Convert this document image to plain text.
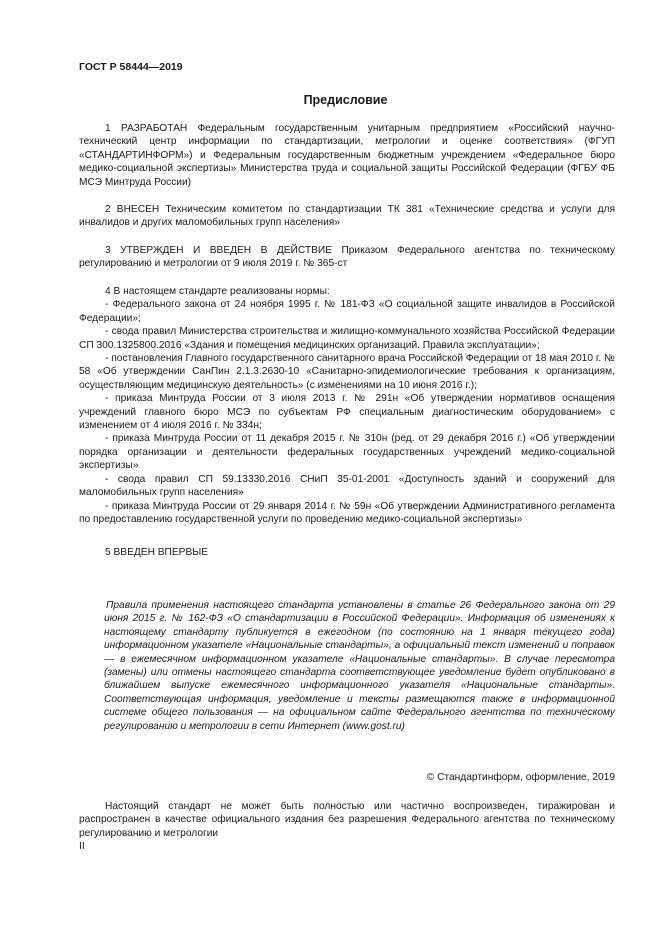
ГОСТ Р 58444—2019
Предисловие

1 РАЗРАБОТАН Федеральным государственным унитарным предприятием «Российский научно-технический центр информации по стандартизации, метрологии и оценке соответствия» (ФГУП «СТАНДАРТИНФОРМ») и Федеральным государственным бюджетным учреждением «Федеральное бюро медико-социальной экспертизы» Министерства труда и социальной защиты Российской Федерации (ФГБУ ФБ МСЭ Минтруда России)

2 ВНЕСЕН Техническим комитетом по стандартизации ТК 381 «Технические средства и услуги для инвалидов и других маломобильных групп населения»

3 УТВЕРЖДЕН И ВВЕДЕН В ДЕЙСТВИЕ Приказом Федерального агентства по техническому регулированию и метрологии от 9 июля 2019 г. № 365-ст

4 В настоящем стандарте реализованы нормы:

- Федерального закона от 24 ноября 1995 г. № 181-ФЗ «О социальной защите инвалидов в Российской Федерации»;

- свода правил Министерства строительства и жилищно-коммунального хозяйства Российской Федерации СП 300.1325800.2016 «Здания и помещения медицинских организаций. Правила эксплуатации»;

- постановления Главного государственного санитарного врача Российской Федерации от 18 мая 2010 г. № 58 «Об утверждении СанПин 2.1.3.2630-10 «Санитарно-эпидемиологические требования к организациям, осуществляющим медицинскую деятельность» (с изменениями на 10 июня 2016 г.);

- приказа Минтруда России от 3 июля 2013 г. № 291н «Об утверждении нормативов оснащения учреждений главного бюро МСЭ по субъектам РФ специальным диагностическим оборудованием» с изменением от 4 июля 2016 г. № 334н;

- приказа Минтруда России от 11 декабря 2015 г. № 310н (ред. от 29 декабря 2016 г.) «Об утверждении порядка организации и деятельности федеральных государственных учреждений медико-социальной экспертизы»

- свода правил СП 59.13330.2016 СНиП 35-01-2001 «Доступность зданий и сооружений для маломобильных групп населения»

- приказа Минтруда России от 29 января 2014 г. № 59н «Об утверждении Административного регламента по предоставлению государственной услуги по проведению медико-социальной экспертизы»

5 ВВЕДЕН ВПЕРВЫЕ

Правила применения настоящего стандарта установлены в статье 26 Федерального закона от 29 июня 2015 г. № 162-ФЗ «О стандартизации в Российской Федерации». Информация об изменениях к настоящему стандарту публикуется в ежегодном (по состоянию на 1 января текущего года) информационном указателе «Национальные стандарты», а официальный текст изменений и поправок — в ежемесячном информационном указателе «Национальные стандарты». В случае пересмотра (замены) или отмены настоящего стандарта соответствующее уведомление будет опубликовано в ближайшем выпуске ежемесячного информационного указателя «Национальные стандарты». Соответствующая информация, уведомление и тексты размещаются также в информационной системе общего пользования — на официальном сайте Федерального агентства по техническому регулированию и метрологии в сети Интернет (www.gost.ru)
© Стандартинформ, оформление, 2019
Настоящий стандарт не может быть полностью или частично воспроизведен, тиражирован и распространен в качестве официального издания без разрешения Федерального агентства по техническому регулированию и метрологии
II
